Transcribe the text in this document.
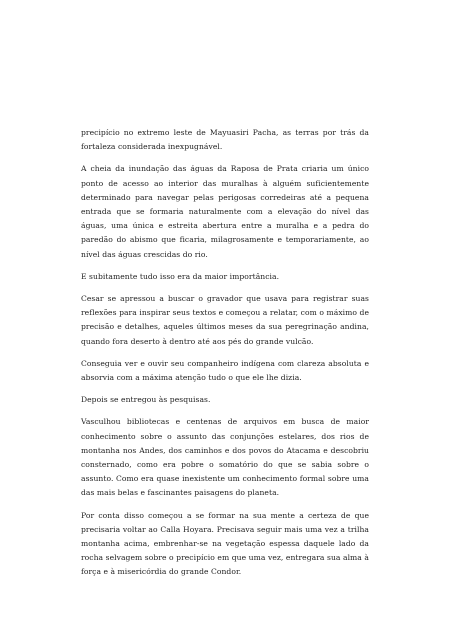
precipício no extremo leste de Mayuasiri Pacha, as terras por trás da fortaleza considerada inexpugnável.

A cheia da inundação das águas da Raposa de Prata criaria um único ponto de acesso ao interior das muralhas à alguém suficientemente determinado para navegar pelas perigosas corredeiras até a pequena entrada que se formaria naturalmente com a elevação do nível das águas, uma única e estreita abertura entre a muralha e a pedra do paredão do abismo que ficaria, milagrosamente e temporariamente, ao nível das águas crescidas do rio.

E subitamente tudo isso era da maior importância.

Cesar se apressou a buscar o gravador que usava para registrar suas reflexões para inspirar seus textos e começou a relatar, com o máximo de precisão e detalhes, aqueles últimos meses da sua peregrinação andina, quando fora deserto à dentro até aos pés do grande vulcão.

Conseguia ver e ouvir seu companheiro indígena com clareza absoluta e absorvia com a máxima atenção tudo o que ele lhe dizia.

Depois se entregou às pesquisas.

Vasculhou bibliotecas e centenas de arquivos em busca de maior conhecimento sobre o assunto das conjunções estelares, dos rios de montanha nos Andes, dos caminhos e dos povos do Atacama e descobriu consternado, como era pobre o somatório do que se sabia sobre o assunto. Como era quase inexistente um conhecimento formal sobre uma das mais belas e fascinantes paisagens do planeta.

Por conta disso começou a se formar na sua mente a certeza de que precisaria voltar ao Calla Hoyara. Precisava seguir mais uma vez a trilha montanha acima, embrenhar-se na vegetação espessa daquele lado da rocha selvagem sobre o precipício em que uma vez, entregara sua alma à força e à misericórdia do grande Condor.
